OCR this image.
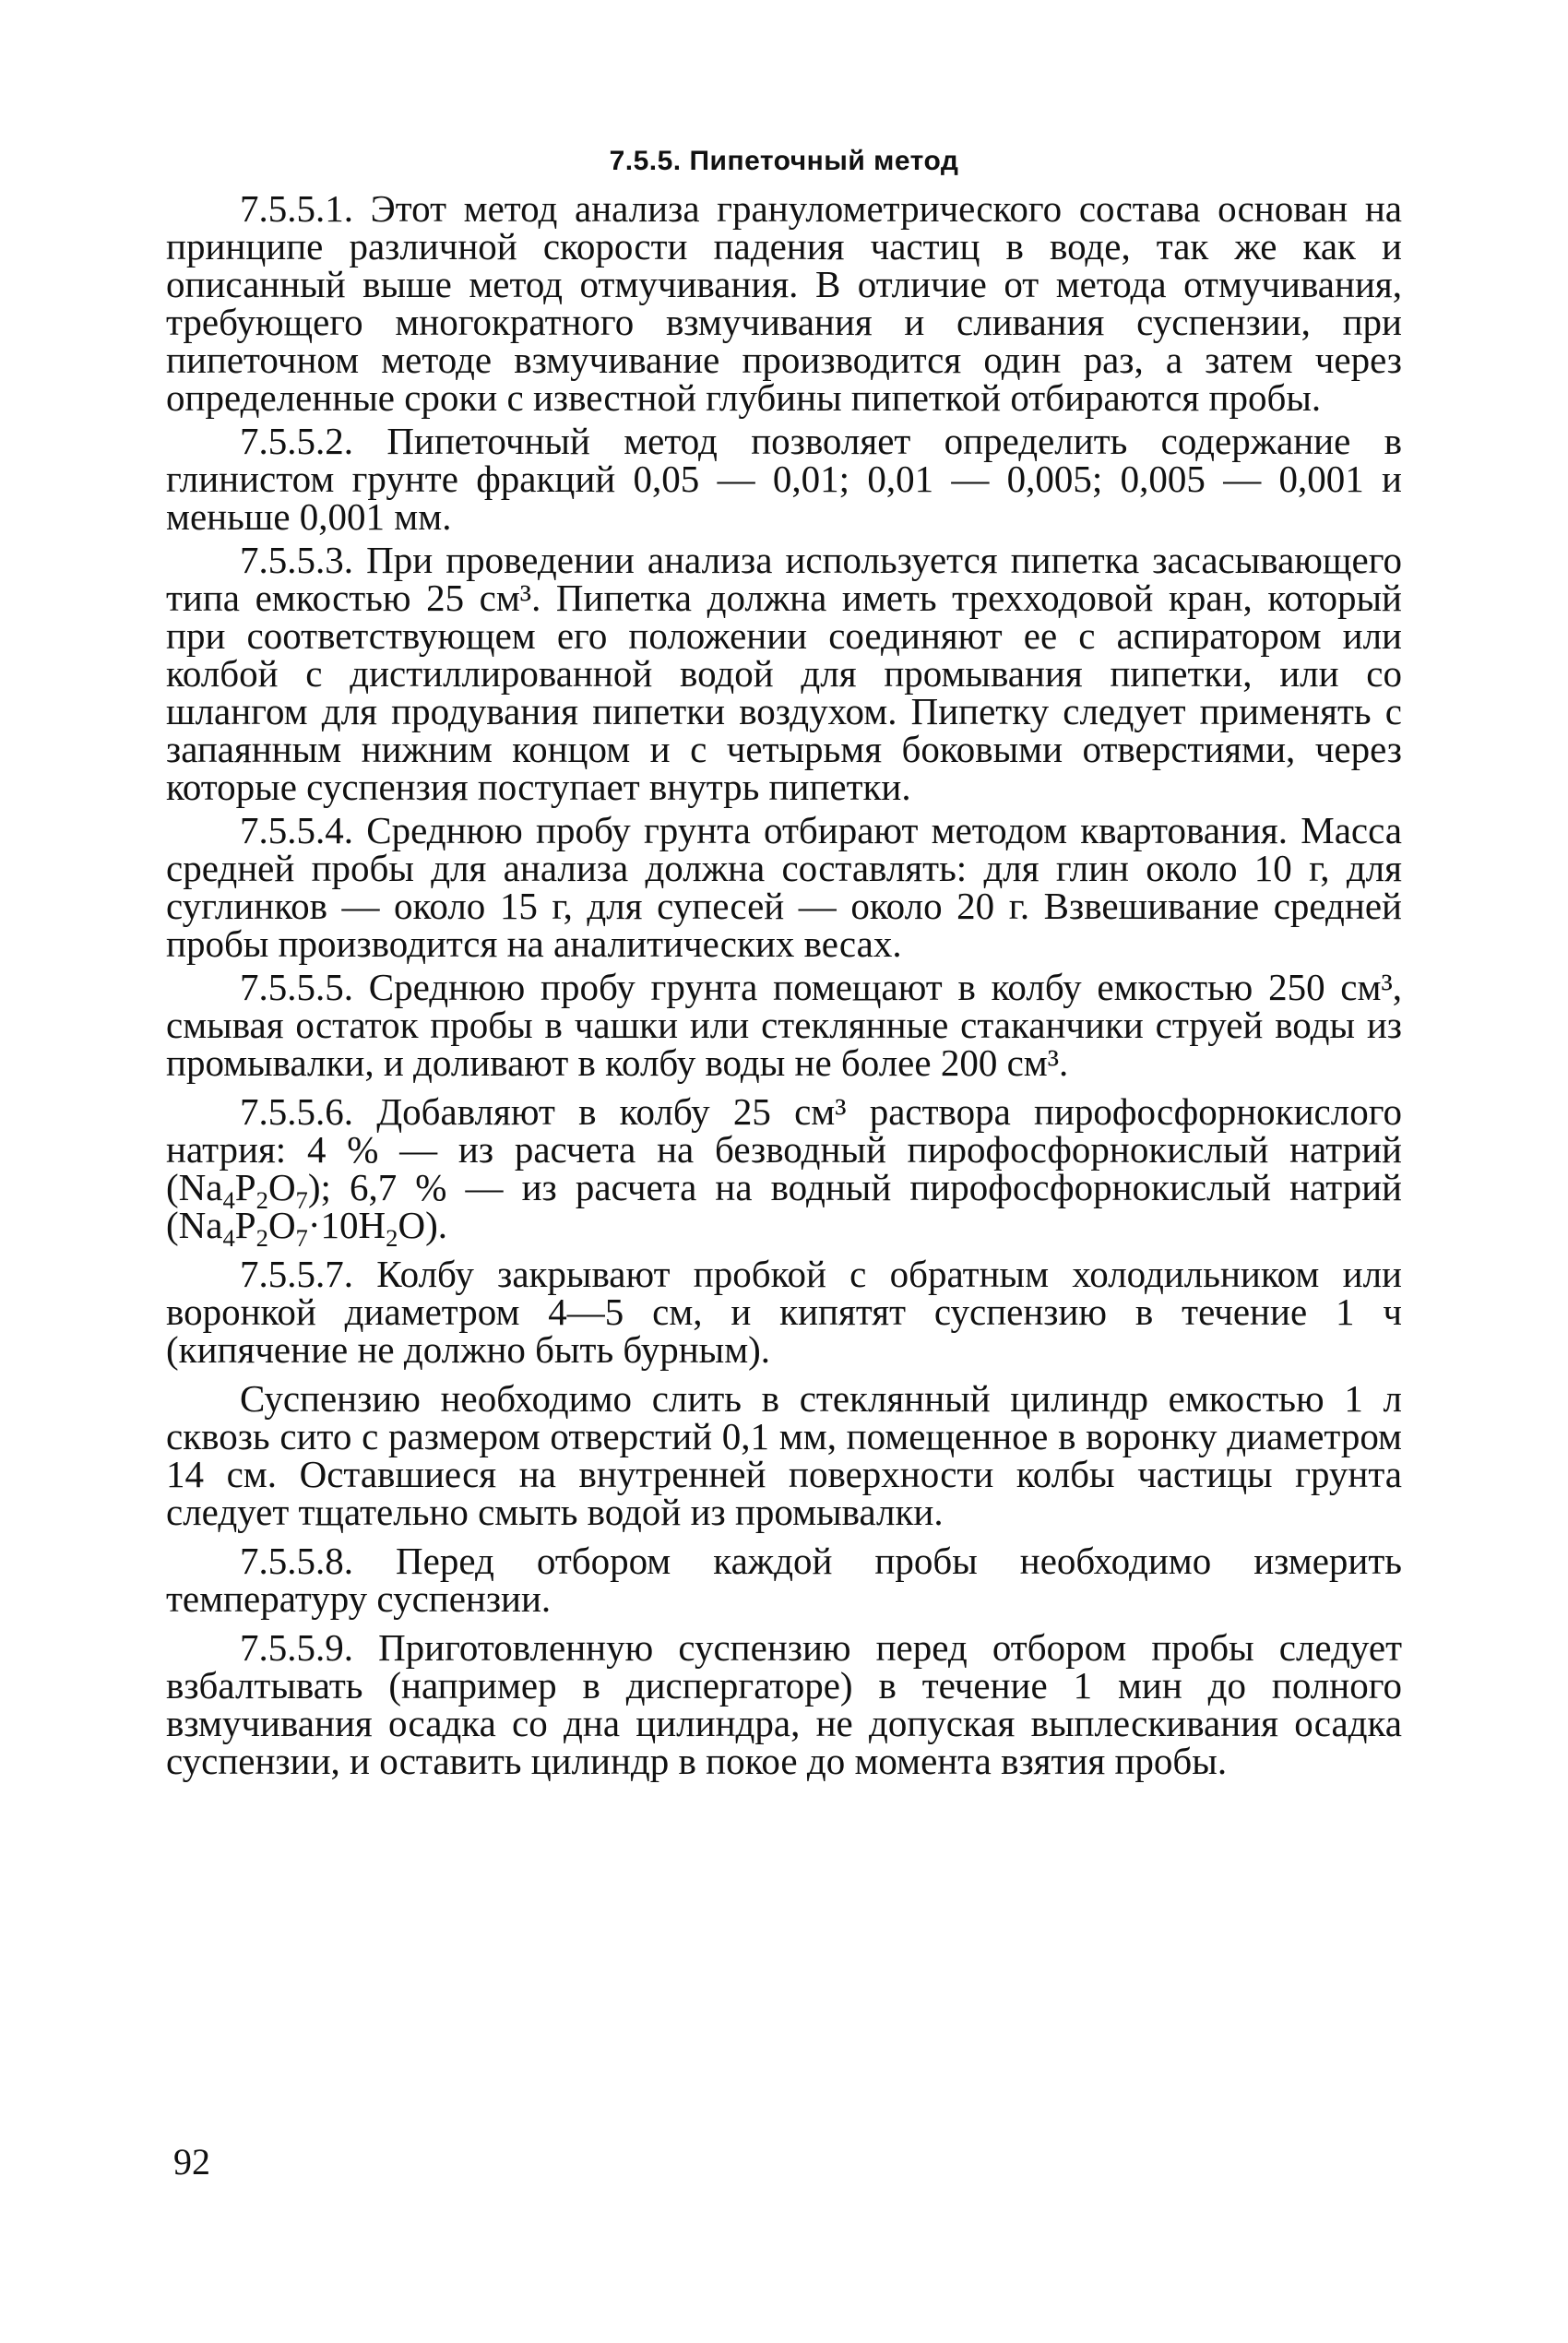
7.5.5. Пипеточный метод

7.5.5.1. Этот метод анализа гранулометрического состава основан на принципе различной скорости падения частиц в воде, так же как и описанный выше метод отмучивания. В отличие от метода отмучивания, требующего многократного взмучивания и сливания суспензии, при пипеточном методе взмучивание производится один раз, а затем через определенные сроки с известной глубины пипеткой отбираются пробы.

7.5.5.2. Пипеточный метод позволяет определить содержание в глинистом грунте фракций 0,05 — 0,01; 0,01 — 0,005; 0,005 — 0,001 и меньше 0,001 мм.

7.5.5.3. При проведении анализа используется пипетка засасывающего типа емкостью 25 см³. Пипетка должна иметь трехходовой кран, который при соответствующем его положении соединяют ее с аспиратором или колбой с дистиллированной водой для промывания пипетки, или со шлангом для продувания пипетки воздухом. Пипетку следует применять с запаянным нижним концом и с четырьмя боковыми отверстиями, через которые суспензия поступает внутрь пипетки.

7.5.5.4. Среднюю пробу грунта отбирают методом квартования. Масса средней пробы для анализа должна составлять: для глин около 10 г, для суглинков — около 15 г, для супесей — около 20 г. Взвешивание средней пробы производится на аналитических весах.

7.5.5.5. Среднюю пробу грунта помещают в колбу емкостью 250 см³, смывая остаток пробы в чашки или стеклянные стаканчики струей воды из промывалки, и доливают в колбу воды не более 200 см³.

7.5.5.6. Добавляют в колбу 25 см³ раствора пирофосфорнокислого натрия: 4 % — из расчета на безводный пирофосфорнокислый натрий $(Na_4P_2O_7)$; 6,7 % — из расчета на водный пирофосфорнокислый натрий $(Na_4P_2O_7\cdot 10H_2O)$.

7.5.5.7. Колбу закрывают пробкой с обратным холодильником или воронкой диаметром 4—5 см, и кипятят суспензию в течение 1 ч (кипячение не должно быть бурным).

Суспензию необходимо слить в стеклянный цилиндр емкостью 1 л сквозь сито с размером отверстий 0,1 мм, помещенное в воронку диаметром 14 см. Оставшиеся на внутренней поверхности колбы частицы грунта следует тщательно смыть водой из промывалки.

7.5.5.8. Перед отбором каждой пробы необходимо измерить температуру суспензии.

7.5.5.9. Приготовленную суспензию перед отбором пробы следует взбалтывать (например в диспергаторе) в течение 1 мин до полного взмучивания осадка со дна цилиндра, не допуская выплескивания осадка суспензии, и оставить цилиндр в покое до момента взятия пробы.

92
